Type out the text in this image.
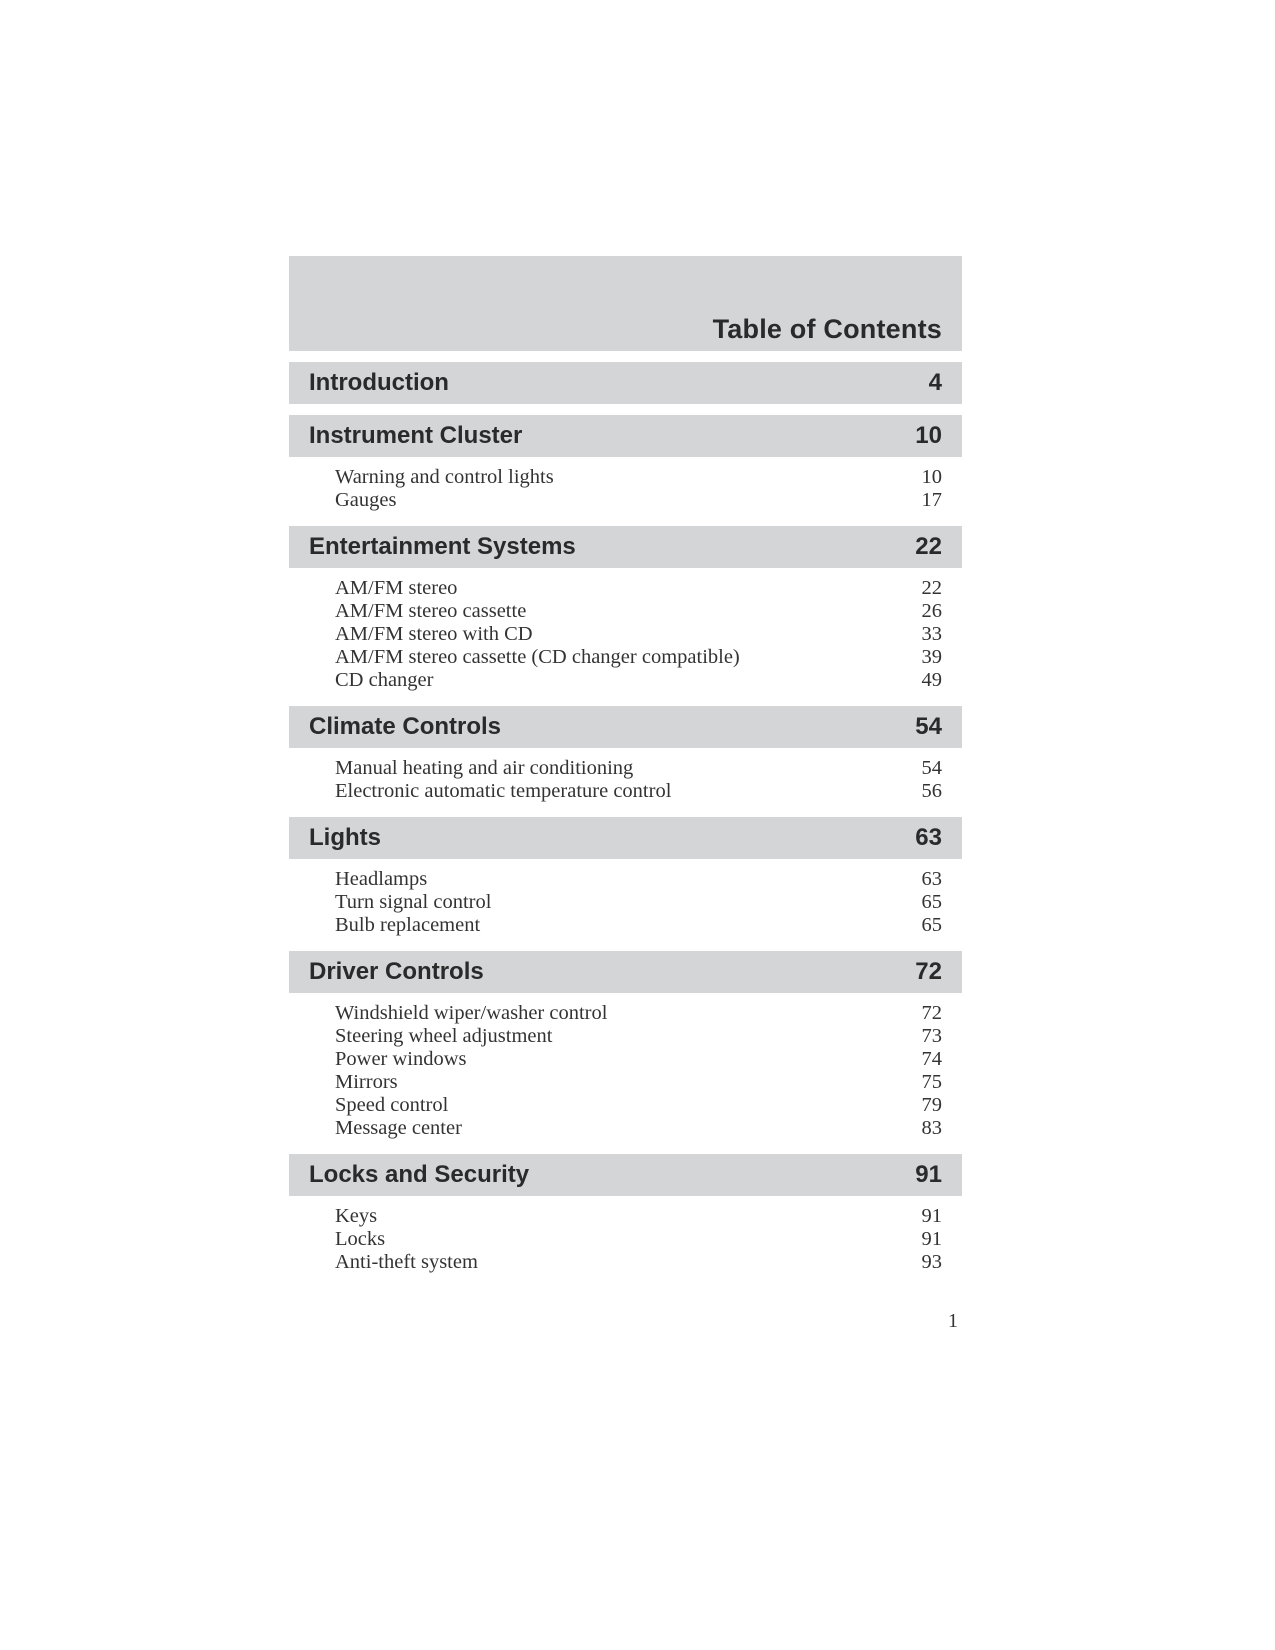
Table of Contents
Introduction	4
Instrument Cluster	10
Warning and control lights	10
Gauges	17
Entertainment Systems	22
AM/FM stereo	22
AM/FM stereo cassette	26
AM/FM stereo with CD	33
AM/FM stereo cassette (CD changer compatible)	39
CD changer	49
Climate Controls	54
Manual heating and air conditioning	54
Electronic automatic temperature control	56
Lights	63
Headlamps	63
Turn signal control	65
Bulb replacement	65
Driver Controls	72
Windshield wiper/washer control	72
Steering wheel adjustment	73
Power windows	74
Mirrors	75
Speed control	79
Message center	83
Locks and Security	91
Keys	91
Locks	91
Anti-theft system	93
1
